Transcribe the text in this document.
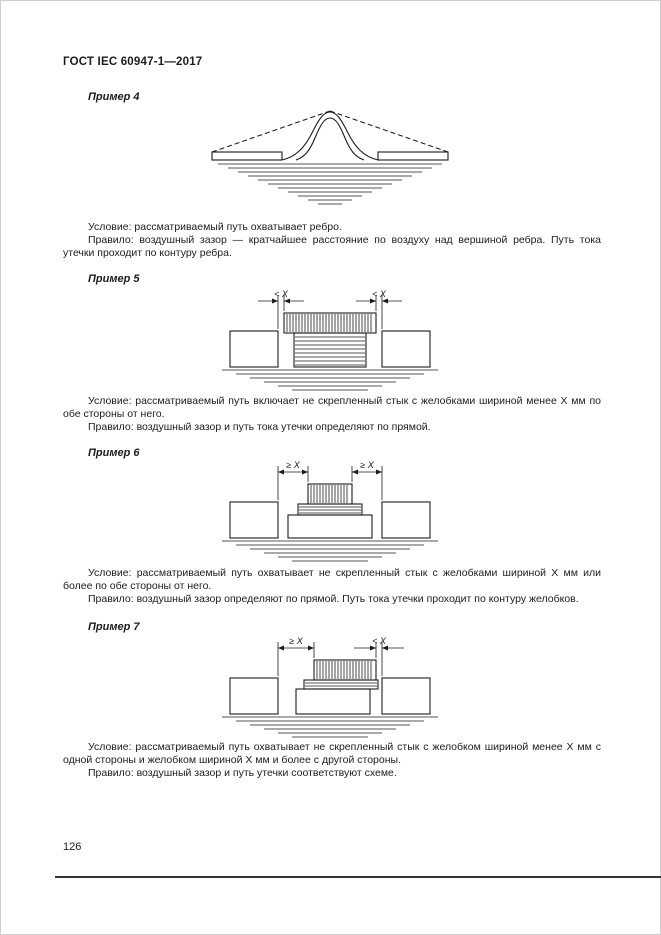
ГОСТ IEC 60947-1—2017
Пример 4

Условие: рассматриваемый путь охватывает ребро.

Правило: воздушный зазор — кратчайшее расстояние по воздуху над вершиной ребра. Путь тока утечки проходит по контуру ребра.

Пример 5
< X	< X

Условие: рассматриваемый путь включает не скрепленный стык с желобками шириной менее X мм по обе стороны от него.

Правило: воздушный зазор и путь тока утечки определяют по прямой.

Пример 6
≥ X	≥ X

Условие: рассматриваемый путь охватывает не скрепленный стык с желобками шириной X мм или более по обе стороны от него.

Правило: воздушный зазор определяют по прямой. Путь тока утечки проходит по контуру желобков.

Пример 7
≥ X	< X

Условие: рассматриваемый путь охватывает не скрепленный стык с желобком шириной менее X мм с одной стороны и желобком шириной X мм и более с другой стороны.

Правило: воздушный зазор и путь утечки соответствуют схеме.

126
